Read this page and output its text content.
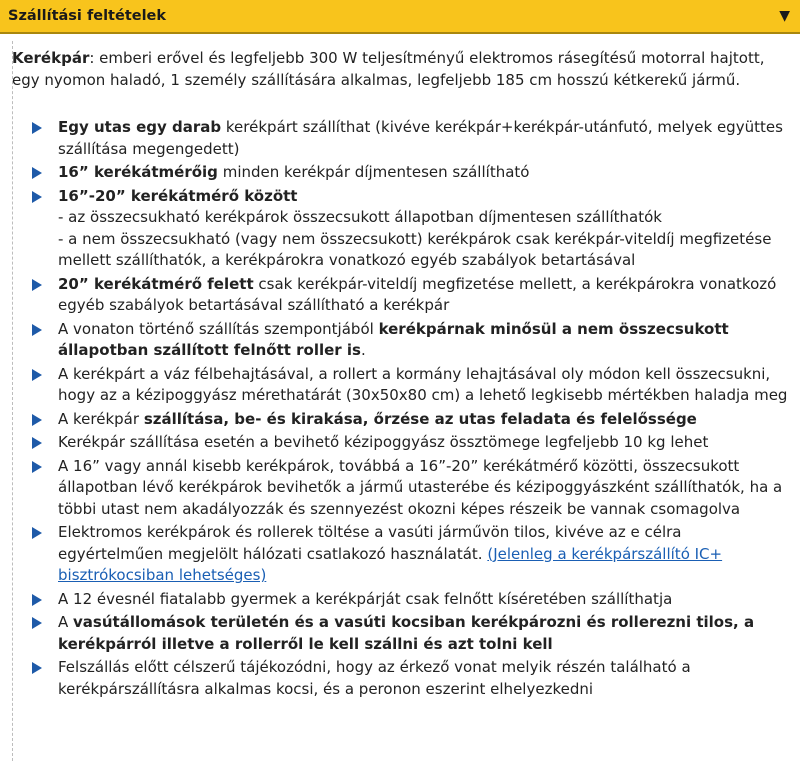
Szállítási feltételek	▼

Kerékpár: emberi erővel és legfeljebb 300 W teljesítményű elektromos rásegítésű motorral hajtott, egy nyomon haladó, 1 személy szállítására alkalmas, legfeljebb 185 cm hosszú kétkerekű jármű.

Egy utas egy darab kerékpárt szállíthat (kivéve kerékpár+kerékpár-utánfutó, melyek együttes szállítása megengedett)
16” kerékátmérőig minden kerékpár díjmentesen szállítható
16”-20” kerékátmérő között
- az összecsukható kerékpárok összecsukott állapotban díjmentesen szállíthatók
- a nem összecsukható (vagy nem összecsukott) kerékpárok csak kerékpár-viteldíj megfizetése mellett szállíthatók, a kerékpárokra vonatkozó egyéb szabályok betartásával
20” kerékátmérő felett csak kerékpár-viteldíj megfizetése mellett, a kerékpárokra vonatkozó egyéb szabályok betartásával szállítható a kerékpár
A vonaton történő szállítás szempontjából kerékpárnak minősül a nem összecsukott állapotban szállított felnőtt roller is.
A kerékpárt a váz félbehajtásával, a rollert a kormány lehajtásával oly módon kell összecsukni, hogy az a kézipoggyász mérethatárát (30x50x80 cm) a lehető legkisebb mértékben haladja meg
A kerékpár szállítása, be- és kirakása, őrzése az utas feladata és felelőssége
Kerékpár szállítása esetén a bevihető kézipoggyász össztömege legfeljebb 10 kg lehet
A 16” vagy annál kisebb kerékpárok, továbbá a 16”-20” kerékátmérő közötti, összecsukott állapotban lévő kerékpárok bevihetők a jármű utasterébe és kézipoggyászként szállíthatók, ha a többi utast nem akadályozzák és szennyezést okozni képes részeik be vannak csomagolva
Elektromos kerékpárok és rollerek töltése a vasúti járművön tilos, kivéve az e célra egyértelműen megjelölt hálózati csatlakozó használatát. (Jelenleg a kerékpárszállító IC+ bisztrókocsiban lehetséges)
A 12 évesnél fiatalabb gyermek a kerékpárját csak felnőtt kíséretében szállíthatja
A vasútállomások területén és a vasúti kocsiban kerékpározni és rollerezni tilos, a kerékpárról illetve a rollerről le kell szállni és azt tolni kell
Felszállás előtt célszerű tájékozódni, hogy az érkező vonat melyik részén található a kerékpárszállításra alkalmas kocsi, és a peronon eszerint elhelyezkedni
